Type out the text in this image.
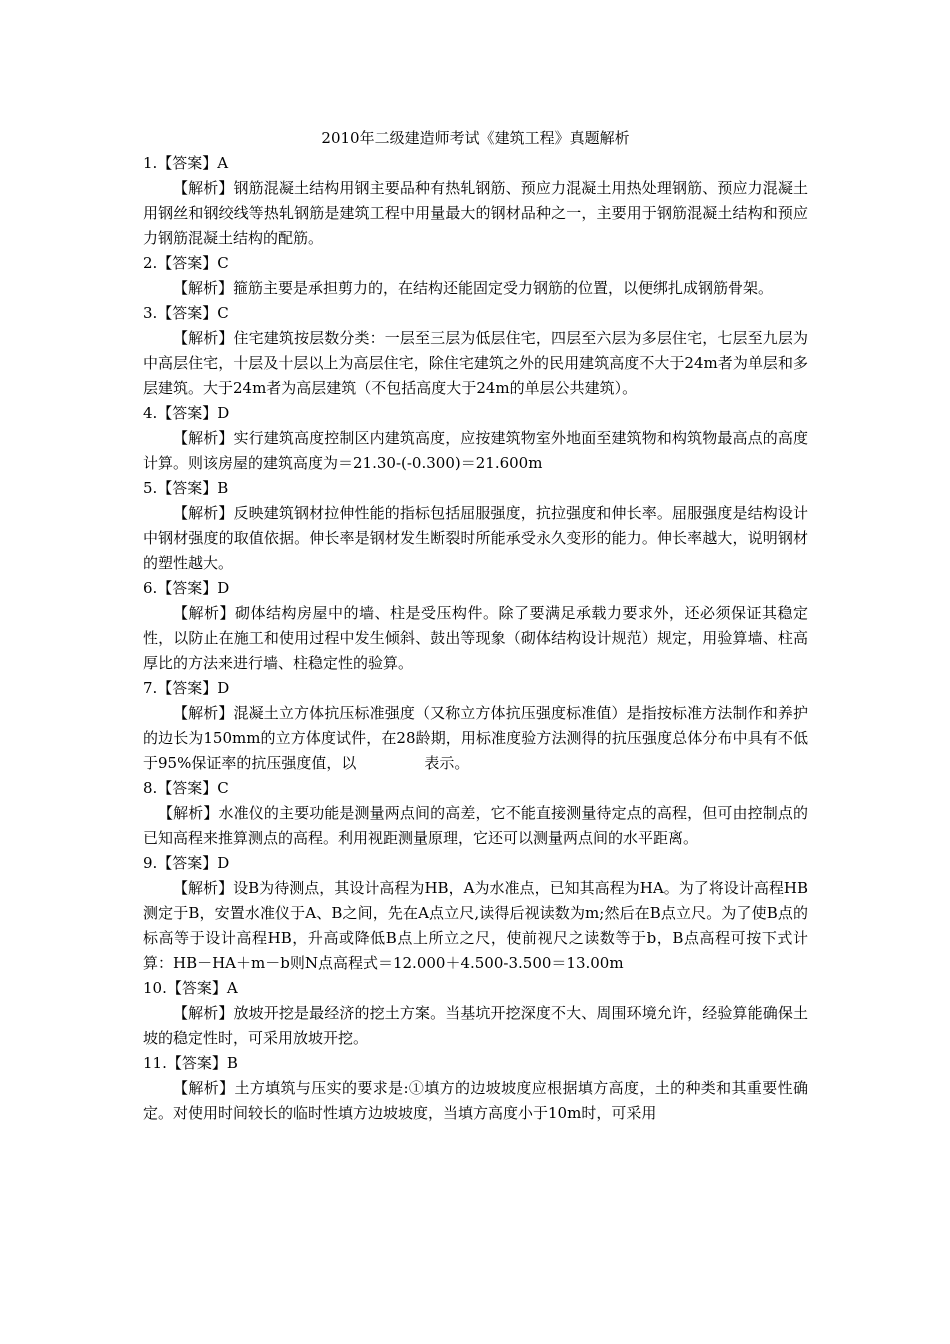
2010年二级建造师考试《建筑工程》真题解析

1.【答案】A

【解析】钢筋混凝土结构用钢主要品种有热轧钢筋、预应力混凝土用热处理钢筋、预应力混凝土用钢丝和钢绞线等热轧钢筋是建筑工程中用量最大的钢材品种之一，主要用于钢筋混凝土结构和预应力钢筋混凝土结构的配筋。

2.【答案】C

【解析】箍筋主要是承担剪力的，在结构还能固定受力钢筋的位置，以便绑扎成钢筋骨架。

3.【答案】C

【解析】住宅建筑按层数分类：一层至三层为低层住宅，四层至六层为多层住宅，七层至九层为中高层住宅，十层及十层以上为高层住宅，除住宅建筑之外的民用建筑高度不大于24m者为单层和多层建筑。大于24m者为高层建筑（不包括高度大于24m的单层公共建筑）。

4.【答案】D

【解析】实行建筑高度控制区内建筑高度，应按建筑物室外地面至建筑物和构筑物最高点的高度计算。则该房屋的建筑高度为＝21.30-(-0.300)＝21.600m

5.【答案】B

【解析】反映建筑钢材拉伸性能的指标包括屈服强度，抗拉强度和伸长率。屈服强度是结构设计中钢材强度的取值依据。伸长率是钢材发生断裂时所能承受永久变形的能力。伸长率越大，说明钢材的塑性越大。

6.【答案】D

【解析】砌体结构房屋中的墙、柱是受压构件。除了要满足承载力要求外，还必须保证其稳定性，以防止在施工和使用过程中发生倾斜、鼓出等现象（砌体结构设计规范）规定，用验算墙、柱高厚比的方法来进行墙、柱稳定性的验算。

7.【答案】D

【解析】混凝土立方体抗压标准强度（又称立方体抗压强度标准值）是指按标准方法制作和养护的边长为150mm的立方体度试件，在28龄期，用标准度验方法测得的抗压强度总体分布中具有不低于95%保证率的抗压强度值，以	表示。

8.【答案】C

【解析】水准仪的主要功能是测量两点间的高差，它不能直接测量待定点的高程，但可由控制点的已知高程来推算测点的高程。利用视距测量原理，它还可以测量两点间的水平距离。

9.【答案】D

【解析】设B为待测点，其设计高程为HB，A为水准点，已知其高程为HA。为了将设计高程HB测定于B，安置水准仪于A、B之间，先在A点立尺,读得后视读数为m;然后在B点立尺。为了使B点的标高等于设计高程HB，升高或降低B点上所立之尺，使前视尺之读数等于b，B点高程可按下式计算：HB－HA＋m－b则N点高程式＝12.000＋4.500-3.500＝13.00m

10.【答案】A

【解析】放坡开挖是最经济的挖土方案。当基坑开挖深度不大、周围环境允许，经验算能确保土坡的稳定性时，可采用放坡开挖。

11.【答案】B

【解析】土方填筑与压实的要求是:①填方的边坡坡度应根据填方高度，土的种类和其重要性确定。对使用时间较长的临时性填方边坡坡度，当填方高度小于10m时，可采用
